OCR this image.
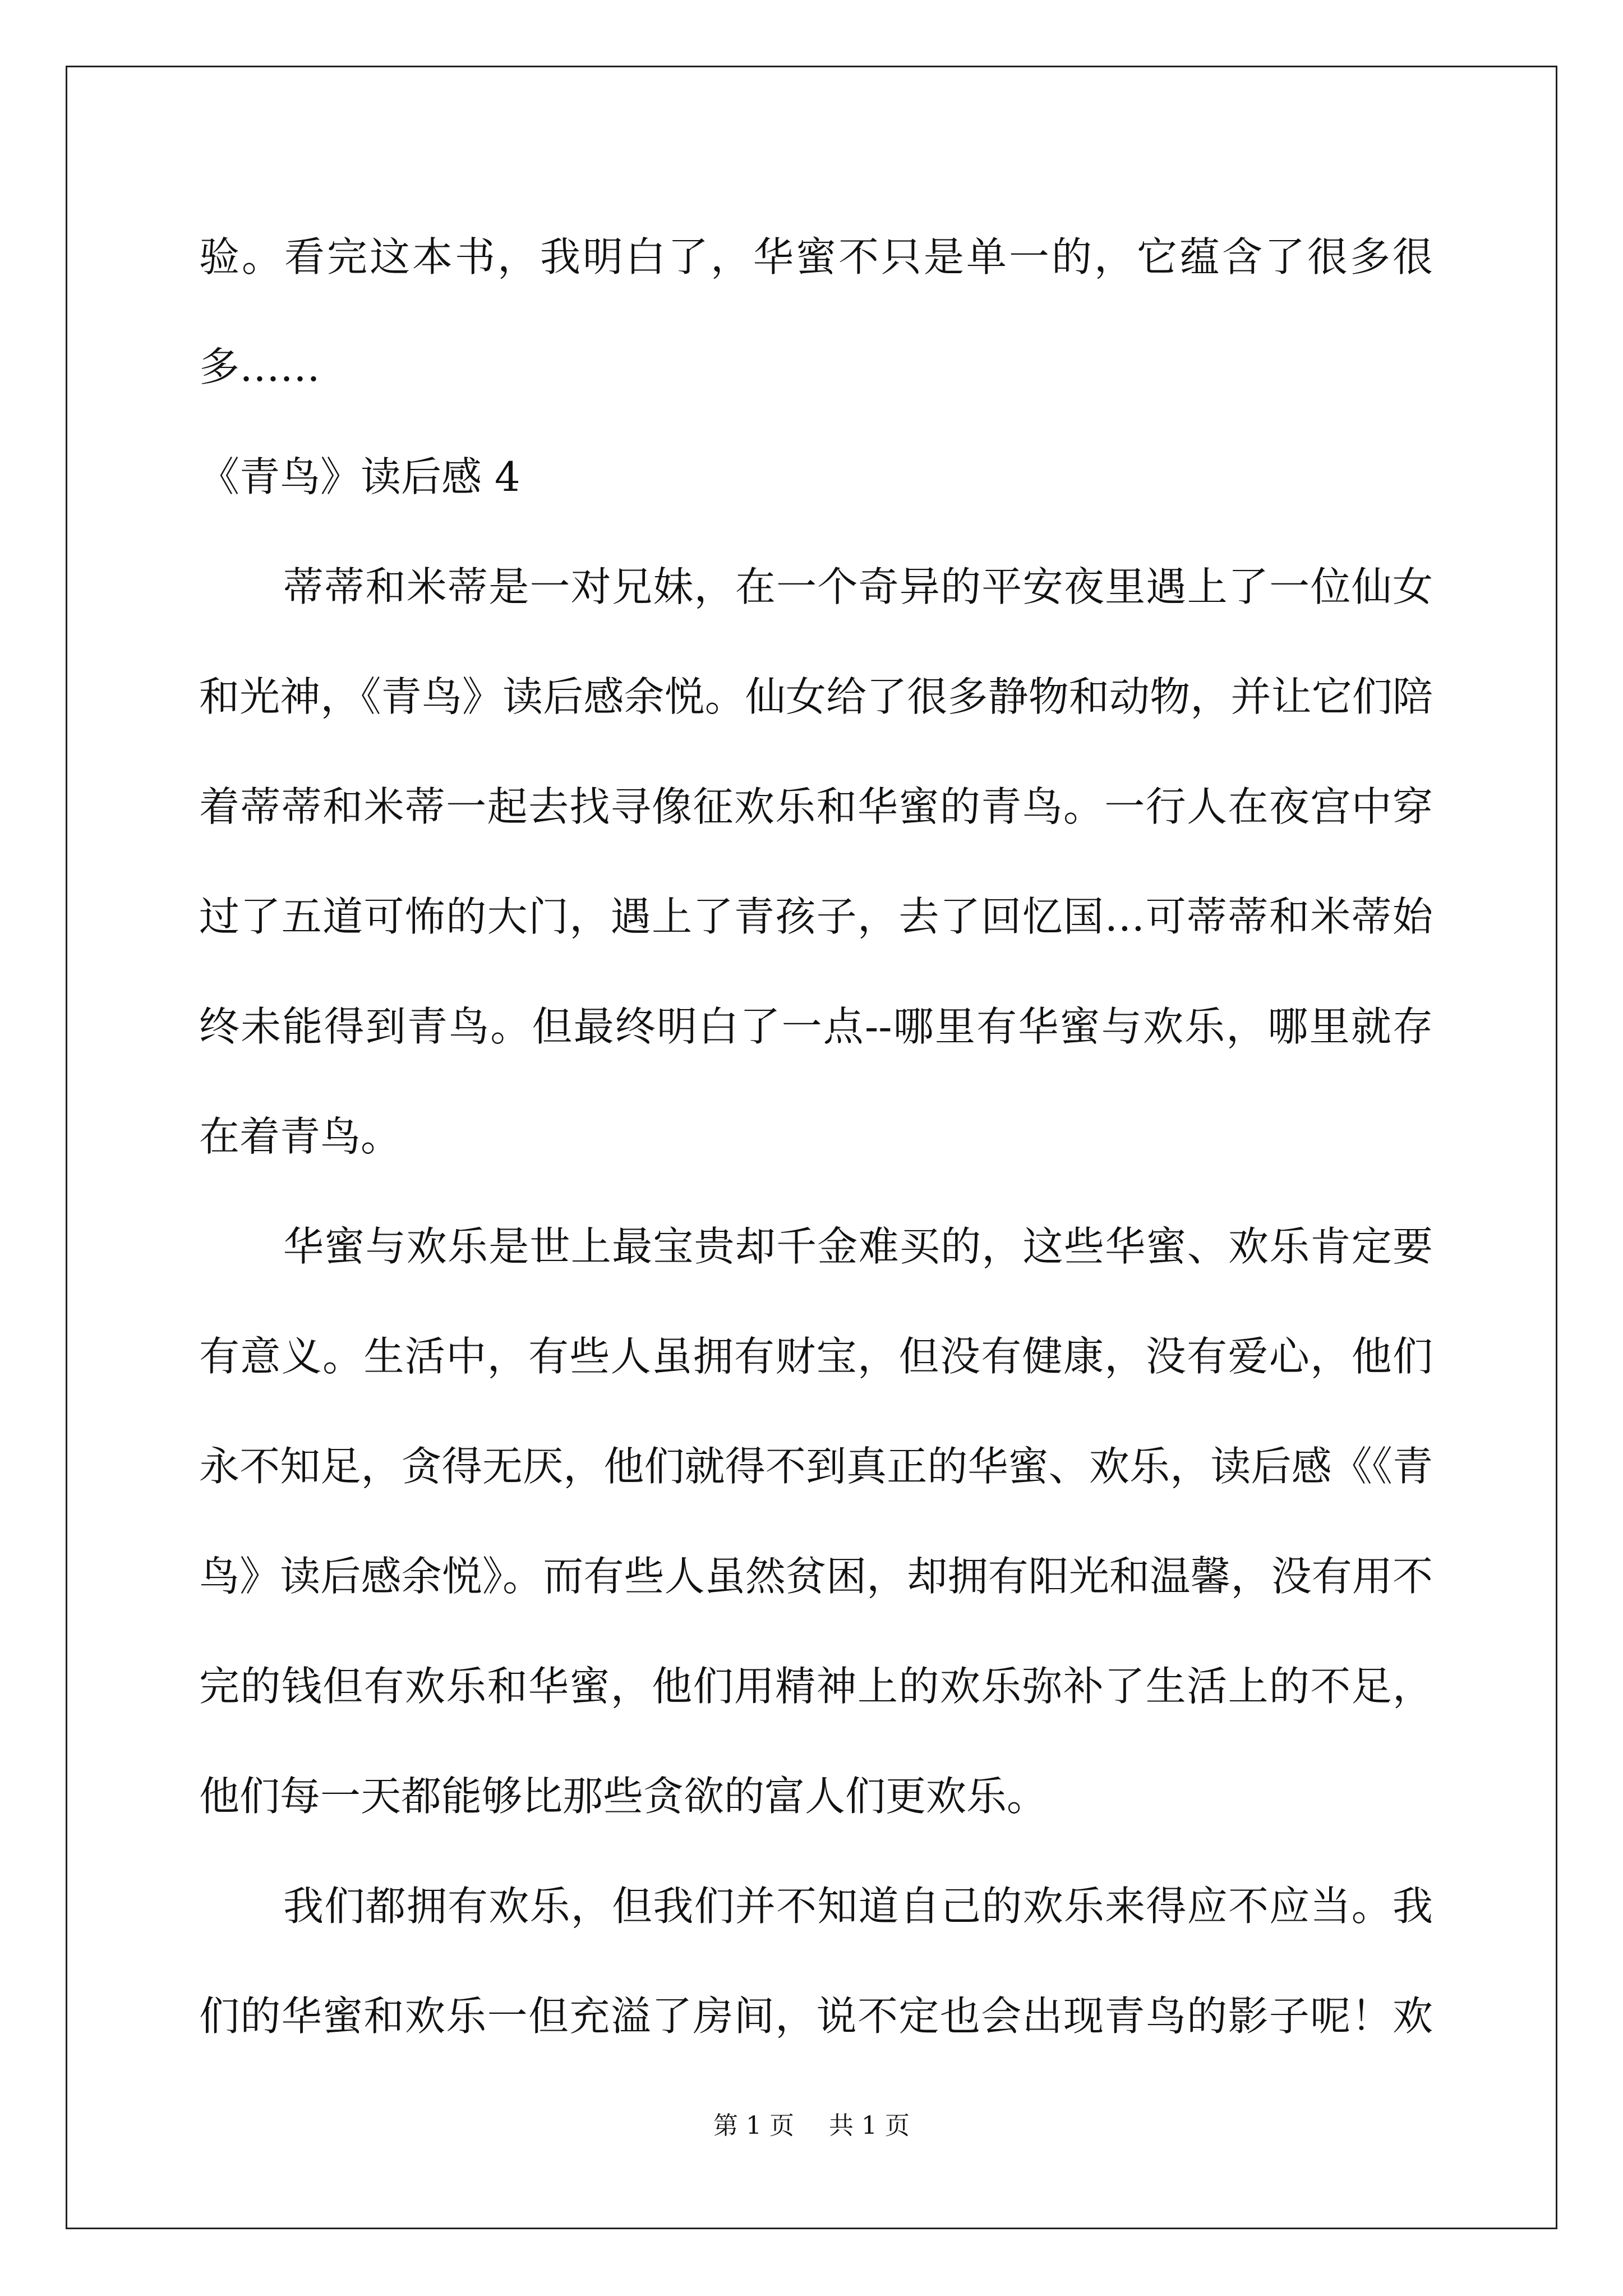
验。看完这本书，我明白了，华蜜不只是单一的，它蕴含了很多很
多……
《青鸟》读后感 4
蒂蒂和米蒂是一对兄妹，在一个奇异的平安夜里遇上了一位仙女
和光神，《青鸟》读后感余悦。仙女给了很多静物和动物，并让它们陪
着蒂蒂和米蒂一起去找寻像征欢乐和华蜜的青鸟。一行人在夜宫中穿
过了五道可怖的大门，遇上了青孩子，去了回忆国…可蒂蒂和米蒂始
终未能得到青鸟。但最终明白了一点--哪里有华蜜与欢乐，哪里就存
在着青鸟。
华蜜与欢乐是世上最宝贵却千金难买的，这些华蜜、欢乐肯定要
有意义。生活中，有些人虽拥有财宝，但没有健康，没有爱心，他们
永不知足，贪得无厌，他们就得不到真正的华蜜、欢乐，读后感《《青
鸟》读后感余悦》。而有些人虽然贫困，却拥有阳光和温馨，没有用不
完的钱但有欢乐和华蜜，他们用精神上的欢乐弥补了生活上的不足，
他们每一天都能够比那些贪欲的富人们更欢乐。
我们都拥有欢乐，但我们并不知道自己的欢乐来得应不应当。我
们的华蜜和欢乐一但充溢了房间，说不定也会出现青鸟的影子呢！欢
第 1 页 共 1 页
